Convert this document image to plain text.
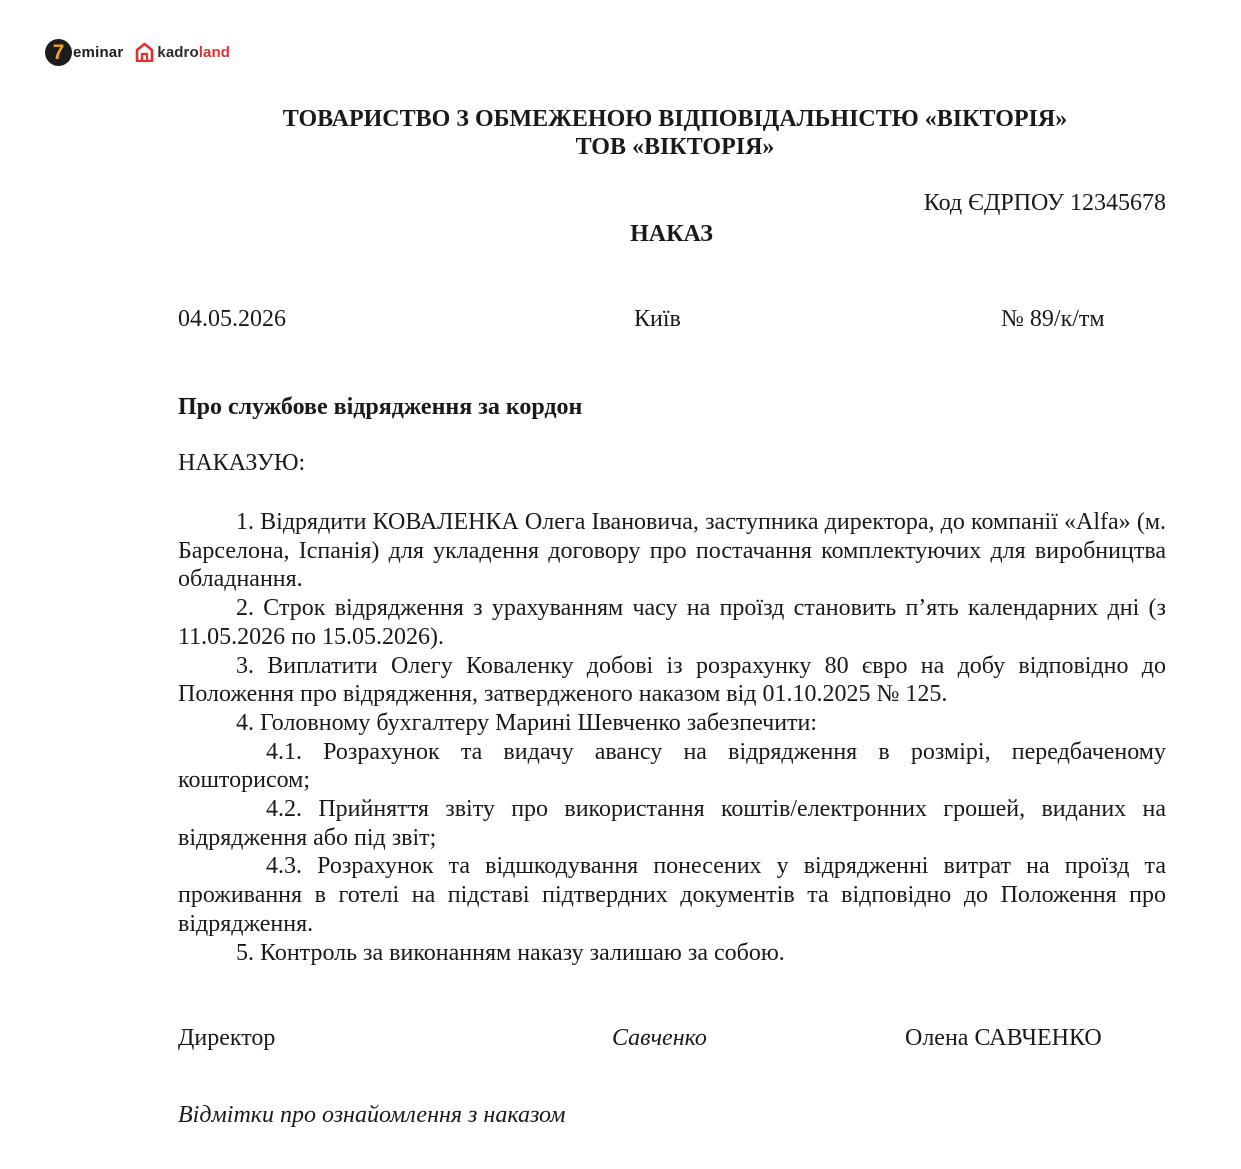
7 eminar kadroland
ТОВАРИСТВО З ОБМЕЖЕНОЮ ВІДПОВІДАЛЬНІСТЮ «ВІКТОРІЯ»
ТОВ «ВІКТОРІЯ»
Код ЄДРПОУ 12345678
НАКАЗ
04.05.2026	Київ	№ 89/к/тм
Про службове відрядження за кордон
НАКАЗУЮ:

1. Відрядити КОВАЛЕНКА Олега Івановича, заступника директора, до компанії «Alfa» (м. Барселона, Іспанія) для укладення договору про постачання комплектуючих для виробництва обладнання.

2. Строк відрядження з урахуванням часу на проїзд становить п’ять календарних дні (з 11.05.2026 по 15.05.2026).

3. Виплатити Олегу Коваленку добові із розрахунку 80 євро на добу відповідно до Положення про відрядження, затвердженого наказом від 01.10.2025 № 125.

4. Головному бухгалтеру Марині Шевченко забезпечити:

4.1. Розрахунок та видачу авансу на відрядження в розмірі, передбаченому кошторисом;

4.2. Прийняття звіту про використання коштів/електронних грошей, виданих на відрядження або під звіт;

4.3. Розрахунок та відшкодування понесених у відрядженні витрат на проїзд та проживання в готелі на підставі підтвердних документів та відповідно до Положення про відрядження.

5. Контроль за виконанням наказу залишаю за собою.

Директор	Савченко	Олена САВЧЕНКО
Відмітки про ознайомлення з наказом
